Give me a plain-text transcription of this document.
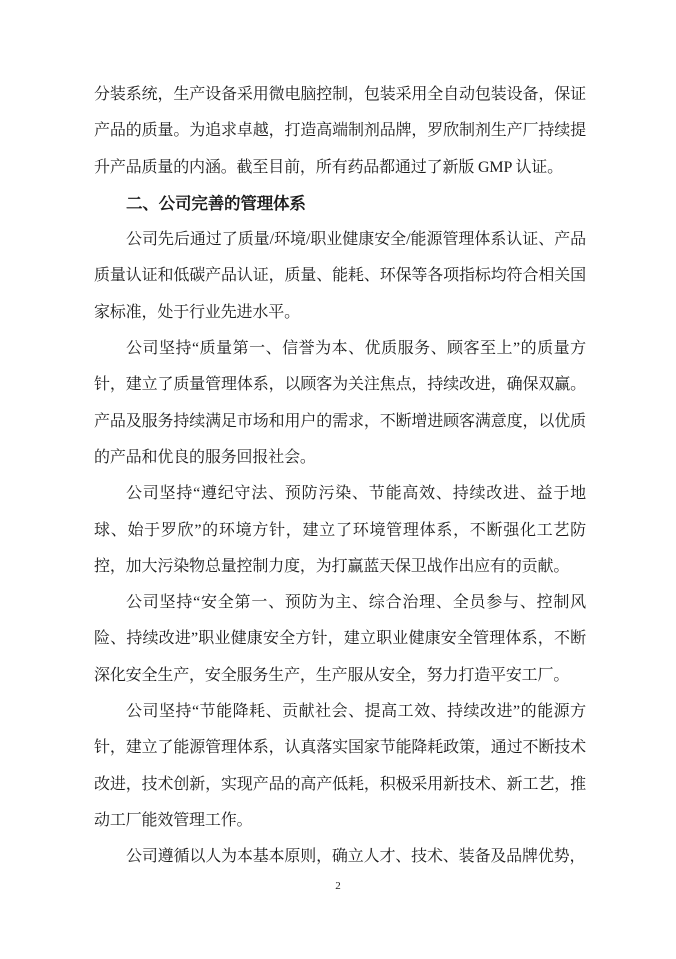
分装系统，生产设备采用微电脑控制，包装采用全自动包装设备，保证产品的质量。为追求卓越，打造高端制剂品牌，罗欣制剂生产厂持续提升产品质量的内涵。截至目前，所有药品都通过了新版 GMP 认证。

二、公司完善的管理体系

公司先后通过了质量/环境/职业健康安全/能源管理体系认证、产品质量认证和低碳产品认证，质量、能耗、环保等各项指标均符合相关国家标准，处于行业先进水平。

公司坚持“质量第一、信誉为本、优质服务、顾客至上”的质量方针，建立了质量管理体系，以顾客为关注焦点，持续改进，确保双赢。产品及服务持续满足市场和用户的需求，不断增进顾客满意度，以优质的产品和优良的服务回报社会。

公司坚持“遵纪守法、预防污染、节能高效、持续改进、益于地球、始于罗欣”的环境方针，建立了环境管理体系，不断强化工艺防控，加大污染物总量控制力度，为打赢蓝天保卫战作出应有的贡献。

公司坚持“安全第一、预防为主、综合治理、全员参与、控制风险、持续改进”职业健康安全方针，建立职业健康安全管理体系，不断深化安全生产，安全服务生产，生产服从安全，努力打造平安工厂。

公司坚持“节能降耗、贡献社会、提高工效、持续改进”的能源方针，建立了能源管理体系，认真落实国家节能降耗政策，通过不断技术改进，技术创新，实现产品的高产低耗，积极采用新技术、新工艺，推动工厂能效管理工作。

公司遵循以人为本基本原则，确立人才、技术、装备及品牌优势，

2
